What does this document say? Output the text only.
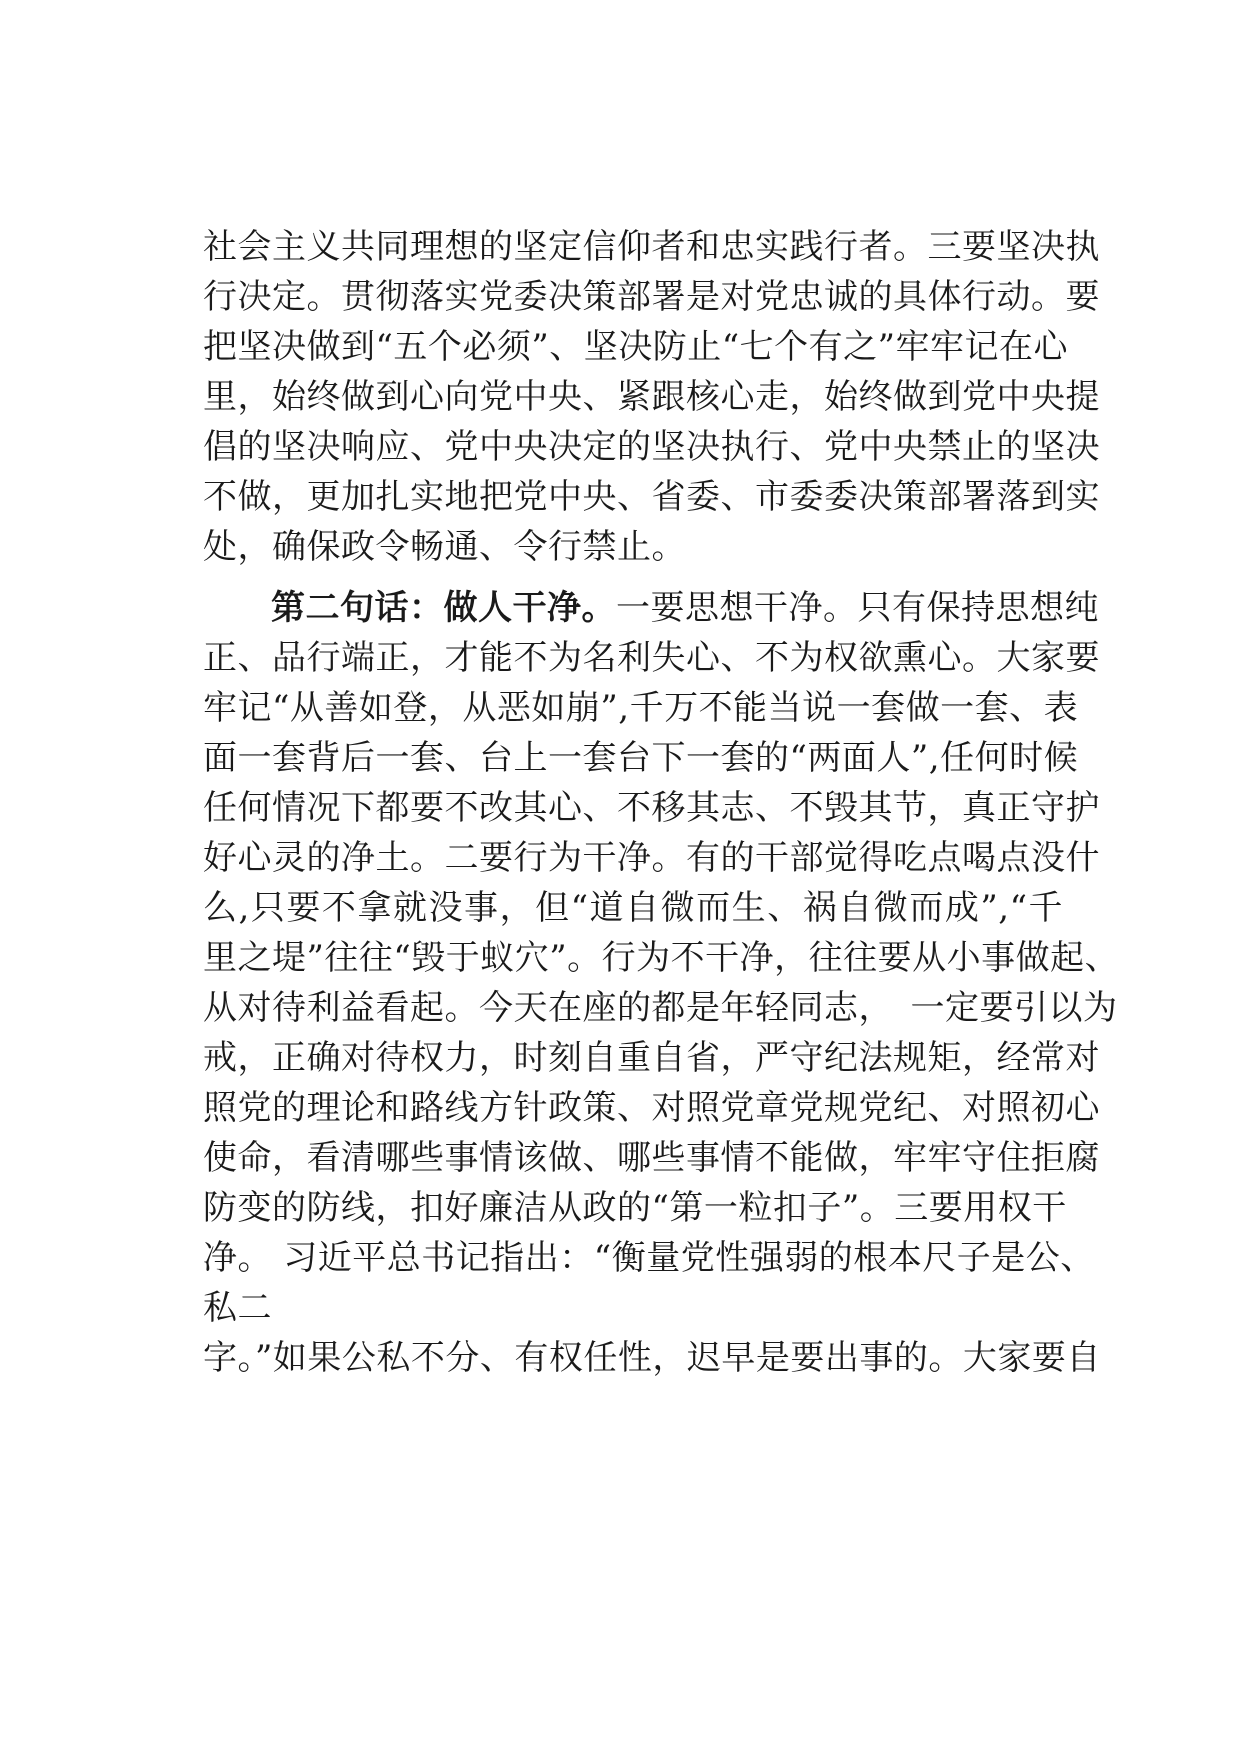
社会主义共同理想的坚定信仰者和忠实践行者。三要坚决执
行决定。贯彻落实党委决策部署是对党忠诚的具体行动。要
把坚决做到“五个必须”、坚决防止“七个有之”牢牢记在心
里，始终做到心向党中央、紧跟核心走，始终做到党中央提
倡的坚决响应、党中央决定的坚决执行、党中央禁止的坚决
不做，更加扎实地把党中央、省委、市委委决策部署落到实
处，确保政令畅通、令行禁止。
第二句话：做人干净。一要思想干净。只有保持思想纯
正、品行端正，才能不为名利失心、不为权欲熏心。大家要
牢记“从善如登，从恶如崩”,千万不能当说一套做一套、表
面一套背后一套、台上一套台下一套的“两面人”,任何时候
任何情况下都要不改其心、不移其志、不毁其节，真正守护
好心灵的净土。二要行为干净。有的干部觉得吃点喝点没什
么,只要不拿就没事，但“道自微而生、祸自微而成”,“千
里之堤”往往“毁于蚁穴”。行为不干净，往往要从小事做起、
从对待利益看起。今天在座的都是年轻同志，　一定要引以为
戒，正确对待权力，时刻自重自省，严守纪法规矩，经常对
照党的理论和路线方针政策、对照党章党规党纪、对照初心
使命，看清哪些事情该做、哪些事情不能做，牢牢守住拒腐
防变的防线，扣好廉洁从政的“第一粒扣子”。三要用权干
净。 习近平总书记指出：“衡量党性强弱的根本尺子是公、
私二
字。”如果公私不分、有权任性，迟早是要出事的。大家要自
